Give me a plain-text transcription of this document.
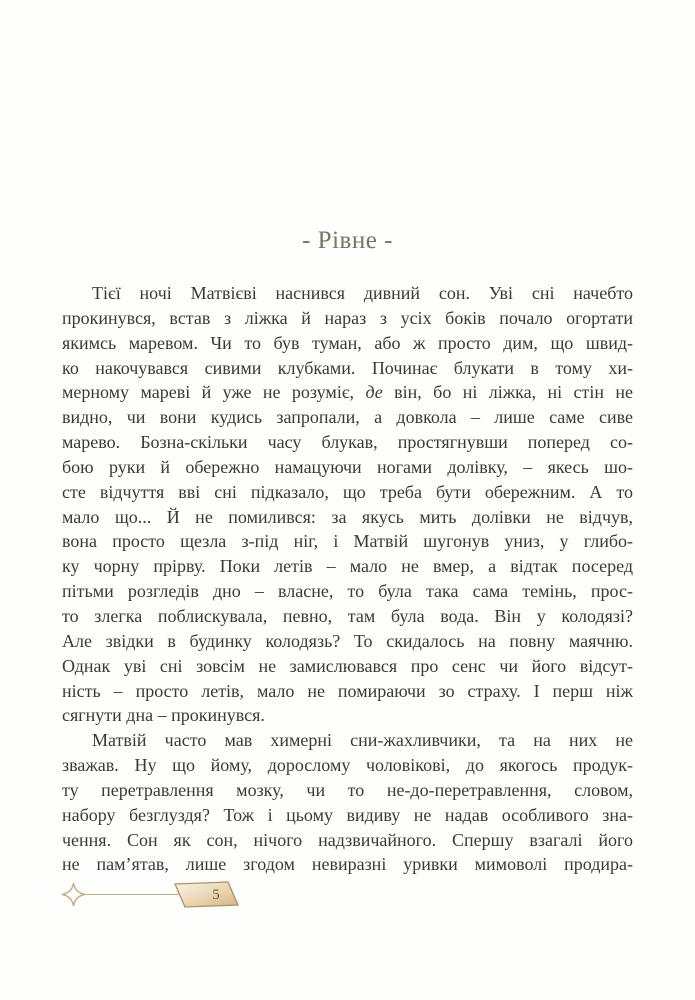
- Рівне -
Тієї ночі Матвієві наснився дивний сон. Уві сні начебто
прокинувся, встав з ліжка й нараз з усіх боків почало огортати
якимсь маревом. Чи то був туман, або ж просто дим, що швид-
ко накочувався сивими клубками. Починає блукати в тому хи-
мерному мареві й уже не розуміє, де він, бо ні ліжка, ні стін не
видно, чи вони кудись запропали, а довкола – лише саме сиве
марево. Бозна-скільки часу блукав, простягнувши поперед со-
бою руки й обережно намацуючи ногами долівку, – якесь шо-
сте відчуття вві сні підказало, що треба бути обережним. А то
мало що... Й не помилився: за якусь мить долівки не відчув,
вона просто щезла з-під ніг, і Матвій шугонув униз, у глибо-
ку чорну прірву. Поки летів – мало не вмер, а відтак посеред
пітьми розгледів дно – власне, то була така сама темінь, прос-
то злегка поблискувала, певно, там була вода. Він у колодязі?
Але звідки в будинку колодязь? То скидалось на повну маячню.
Однак уві сні зовсім не замислювався про сенс чи його відсут-
ність – просто летів, мало не помираючи зо страху. І перш ніж
сягнути дна – прокинувся.
Матвій часто мав химерні сни-жахливчики, та на них не
зважав. Ну що йому, дорослому чоловікові, до якогось продук-
ту перетравлення мозку, чи то не-до-перетравлення, словом,
набору безглуздя? Тож і цьому видиву не надав особливого зна-
чення. Сон як сон, нічого надзвичайного. Спершу взагалі його
не пам’ятав, лише згодом невиразні уривки мимоволі продира-
5
